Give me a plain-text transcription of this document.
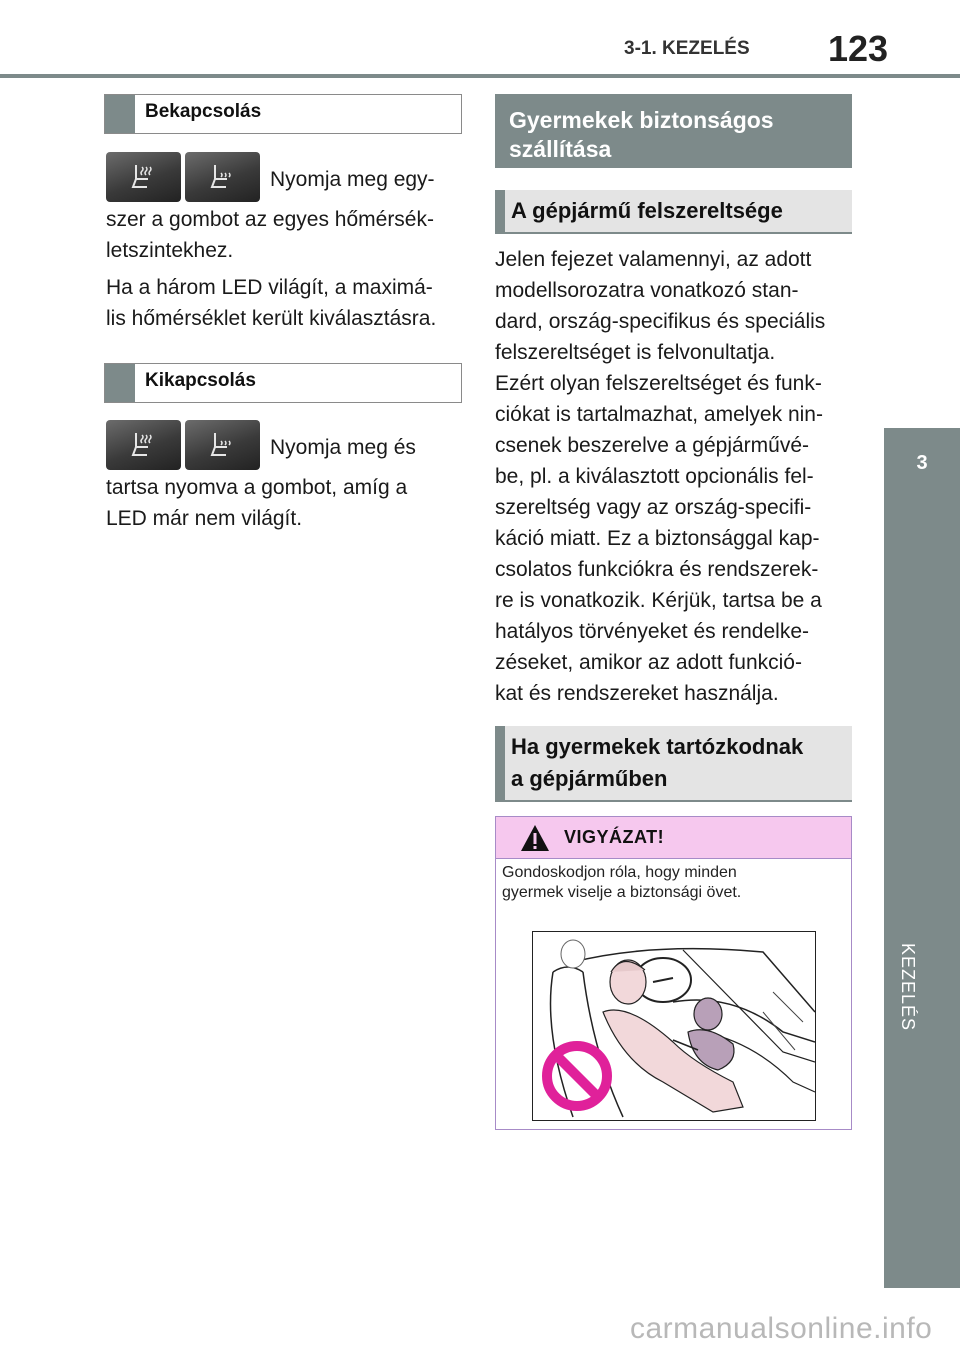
3-1. KEZELÉS 123
3
KEZELÉS
Bekapcsolás

Nyomja meg egy-

szer a gombot az egyes hőmérsék-

letszintekhez.

Ha a három LED világít, a maximá-

lis hőmérséklet került kiválasztásra.

Kikapcsolás

Nyomja meg és

tartsa nyomva a gombot, amíg a

LED már nem világít.

Gyermekek biztonságos
szállítása
A gépjármű felszereltsége

Jelen fejezet valamennyi, az adott

modellsorozatra vonatkozó stan-

dard, ország-specifikus és speciális

felszereltséget is felvonultatja.

Ezért olyan felszereltséget és funk-

ciókat is tartalmazhat, amelyek nin-

csenek beszerelve a gépjárművé-

be, pl. a kiválasztott opcionális fel-

szereltség vagy az ország-specifi-

káció miatt. Ez a biztonsággal kap-

csolatos funkciókra és rendszerek-

re is vonatkozik. Kérjük, tartsa be a

hatályos törvényeket és rendelke-

zéseket, amikor az adott funkció-

kat és rendszereket használja.

Ha gyermekek tartózkodnak
a gépjárműben
VIGYÁZAT!

Gondoskodjon róla, hogy minden

gyermek viselje a biztonsági övet.

carmanualsonline.info
